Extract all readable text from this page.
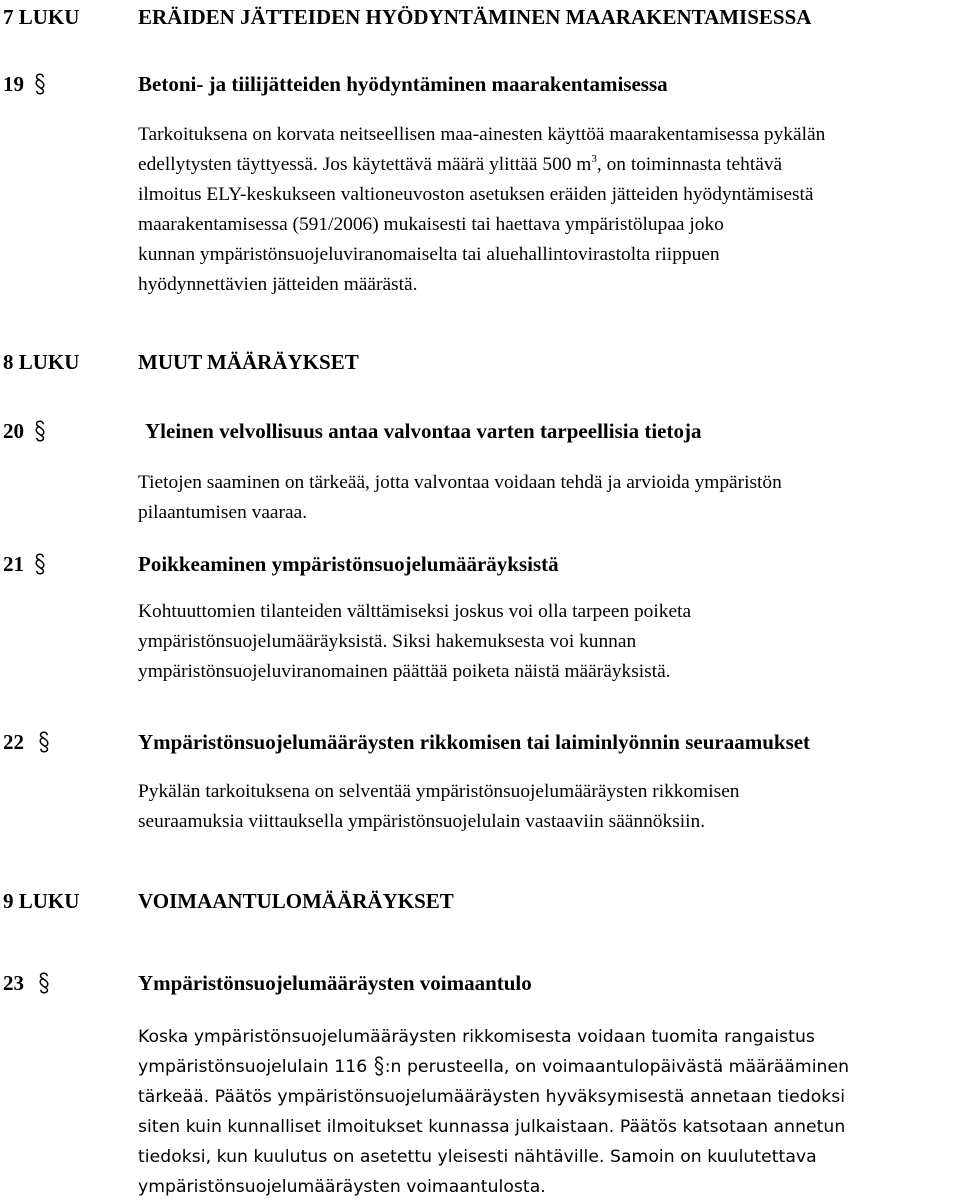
7 LUKU	ERÄIDEN JÄTTEIDEN HYÖDYNTÄMINEN MAARAKENTAMISESSA
19	Betoni- ja tiilijätteiden hyödyntäminen maarakentamisessa
Tarkoituksena on korvata neitseellisen maa-ainesten käyttöä maarakentamisessa pykälän
edellytysten täyttyessä. Jos käytettävä määrä ylittää 500 $m^3$, on toiminnasta tehtävä
ilmoitus ELY-keskukseen valtioneuvoston asetuksen eräiden jätteiden hyödyntämisestä
maarakentamisessa (591/2006) mukaisesti tai haettava ympäristölupaa joko
kunnan ympäristönsuojeluviranomaiselta tai aluehallintovirastolta riippuen
hyödynnettävien jätteiden määrästä.
8 LUKU	MUUT MÄÄRÄYKSET
20	Yleinen velvollisuus antaa valvontaa varten tarpeellisia tietoja
Tietojen saaminen on tärkeää, jotta valvontaa voidaan tehdä ja arvioida ympäristön
pilaantumisen vaaraa.
21	Poikkeaminen ympäristönsuojelumääräyksistä
Kohtuuttomien tilanteiden välttämiseksi joskus voi olla tarpeen poiketa
ympäristönsuojelumääräyksistä. Siksi hakemuksesta voi kunnan
ympäristönsuojeluviranomainen päättää poiketa näistä määräyksistä.
22	Ympäristönsuojelumääräysten rikkomisen tai laiminlyönnin seuraamukset
Pykälän tarkoituksena on selventää ympäristönsuojelumääräysten rikkomisen
seuraamuksia viittauksella ympäristönsuojelulain vastaaviin säännöksiin.
9 LUKU	VOIMAANTULOMÄÄRÄYKSET
23	Ympäristönsuojelumääräysten voimaantulo
Koska ympäristönsuojelumääräysten rikkomisesta voidaan tuomita rangaistus
ympäristönsuojelulain 116 :n perusteella, on voimaantulopäivästä määrääminen
tärkeää. Päätös ympäristönsuojelumääräysten hyväksymisestä annetaan tiedoksi
siten kuin kunnalliset ilmoitukset kunnassa julkaistaan. Päätös katsotaan annetun
tiedoksi, kun kuulutus on asetettu yleisesti nähtäville. Samoin on kuulutettava
ympäristönsuojelumääräysten voimaantulosta.
